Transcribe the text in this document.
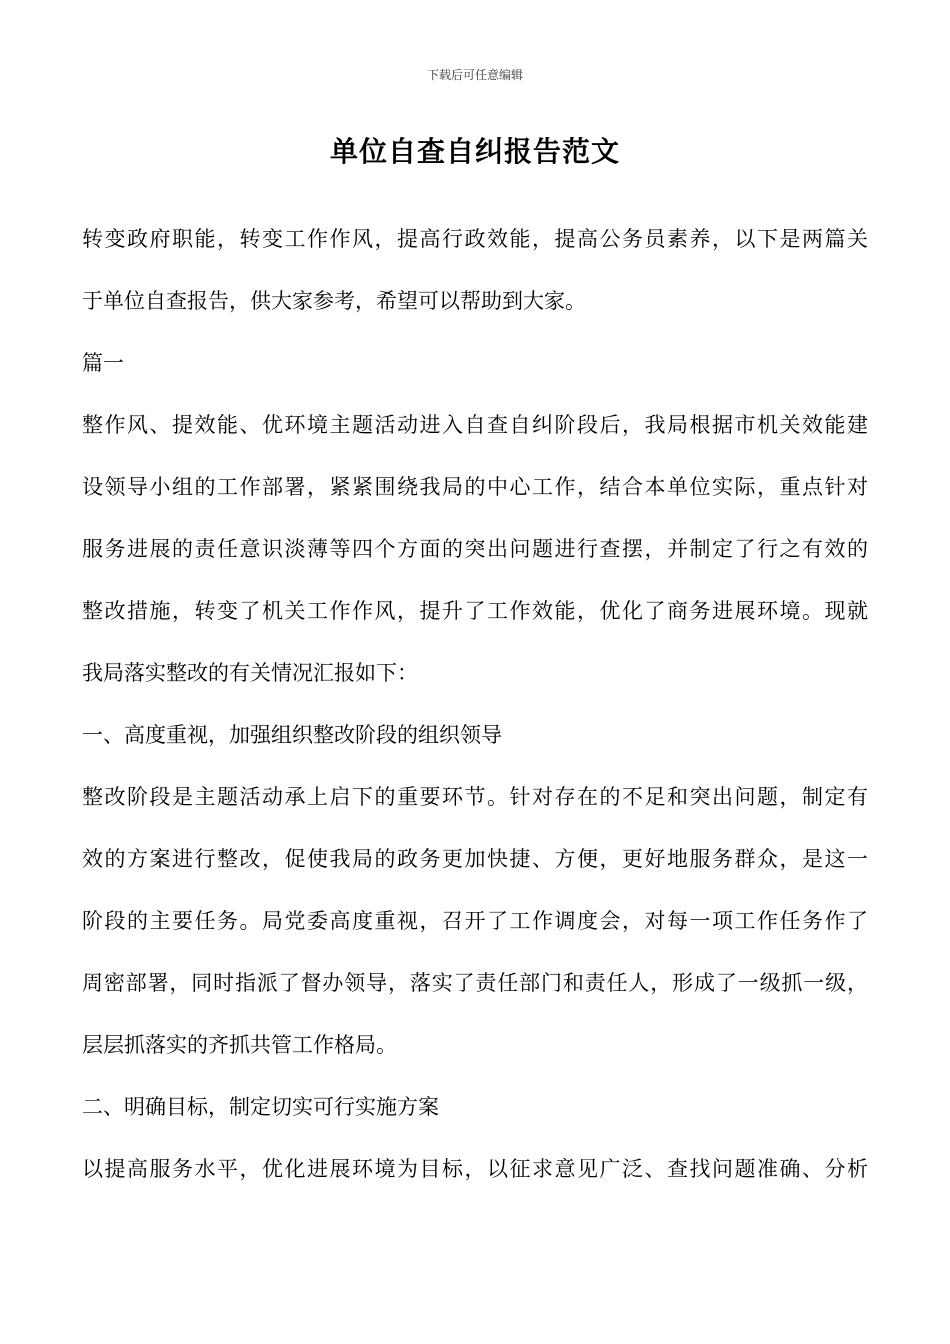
下载后可任意编辑
单位自查自纠报告范文
转变政府职能，转变工作作风，提高行政效能，提高公务员素养，以下是两篇关
于单位自查报告，供大家参考，希望可以帮助到大家。
篇一
整作风、提效能、优环境主题活动进入自查自纠阶段后，我局根据市机关效能建
设领导小组的工作部署，紧紧围绕我局的中心工作，结合本单位实际，重点针对
服务进展的责任意识淡薄等四个方面的突出问题进行查摆，并制定了行之有效的
整改措施，转变了机关工作作风，提升了工作效能，优化了商务进展环境。现就
我局落实整改的有关情况汇报如下：
一、高度重视，加强组织整改阶段的组织领导
整改阶段是主题活动承上启下的重要环节。针对存在的不足和突出问题，制定有
效的方案进行整改，促使我局的政务更加快捷、方便，更好地服务群众，是这一
阶段的主要任务。局党委高度重视，召开了工作调度会，对每一项工作任务作了
周密部署，同时指派了督办领导，落实了责任部门和责任人，形成了一级抓一级，
层层抓落实的齐抓共管工作格局。
二、明确目标，制定切实可行实施方案
以提高服务水平，优化进展环境为目标，以征求意见广泛、查找问题准确、分析
